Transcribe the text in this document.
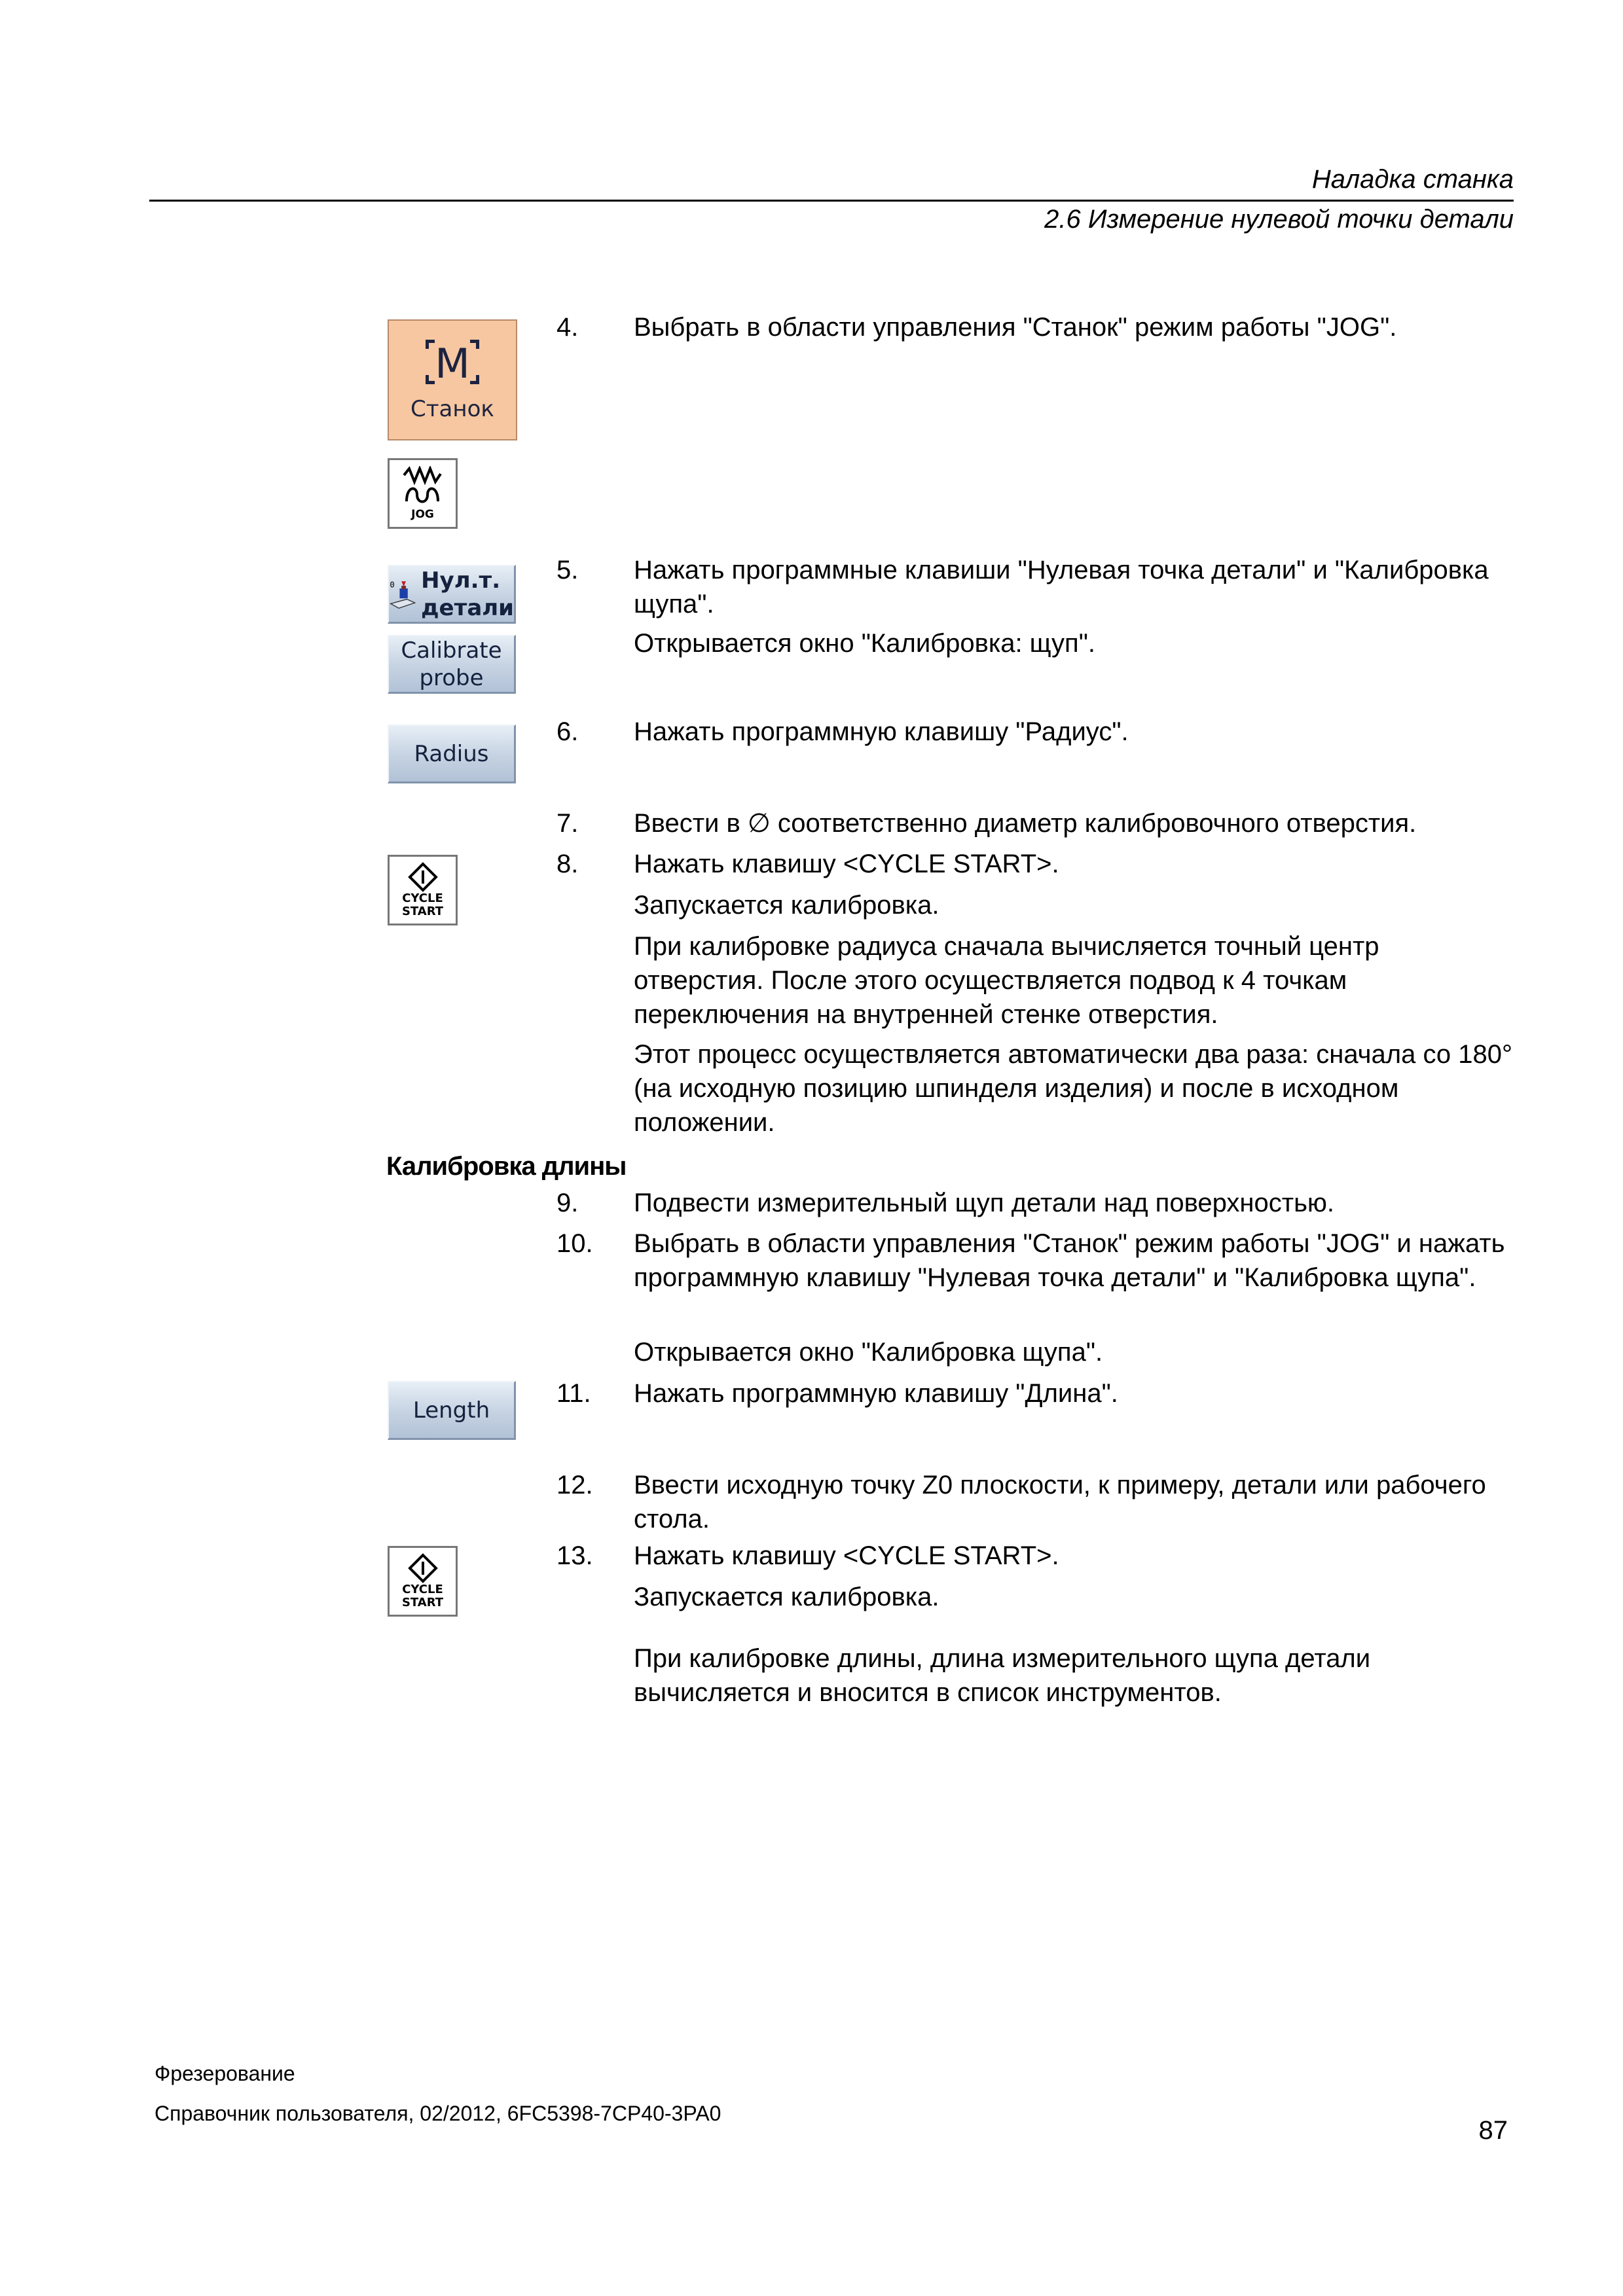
Наладка станка
2.6 Измерение нулевой точки детали
M
Станок
JOG
0 Нул.т.
детали
Calibrate
probe
Radius
CYCLE
START
Length
CYCLE
START
4. Выбрать в области управления "Станок" режим работы "JOG".
5. Нажать программные клавиши "Нулевая точка детали" и "Калибровка щупа".
Открывается окно "Калибровка: щуп".
6. Нажать программную клавишу "Радиус".
7. Ввести в ∅ соответственно диаметр калибровочного отверстия.
8. Нажать клавишу <CYCLE START>.
Запускается калибровка.
При калибровке радиуса сначала вычисляется точный центр отверстия. После этого осуществляется подвод к 4 точкам переключения на внутренней стенке отверстия.
Этот процесс осуществляется автоматически два раза: сначала со 180° (на исходную позицию шпинделя изделия) и после в исходном положении.
Калибровка длины
9. Подвести измерительный щуп детали над поверхностью.
10. Выбрать в области управления "Станок" режим работы "JOG" и нажать программную клавишу "Нулевая точка детали" и "Калибровка щупа".
Открывается окно "Калибровка щупа".
11. Нажать программную клавишу "Длина".
12. Ввести исходную точку Z0 плоскости, к примеру, детали или рабочего стола.
13. Нажать клавишу <CYCLE START>.
Запускается калибровка.
При калибровке длины, длина измерительного щупа детали вычисляется и вносится в список инструментов.
Фрезерование
Справочник пользователя, 02/2012, 6FC5398-7CP40-3PA0
87
